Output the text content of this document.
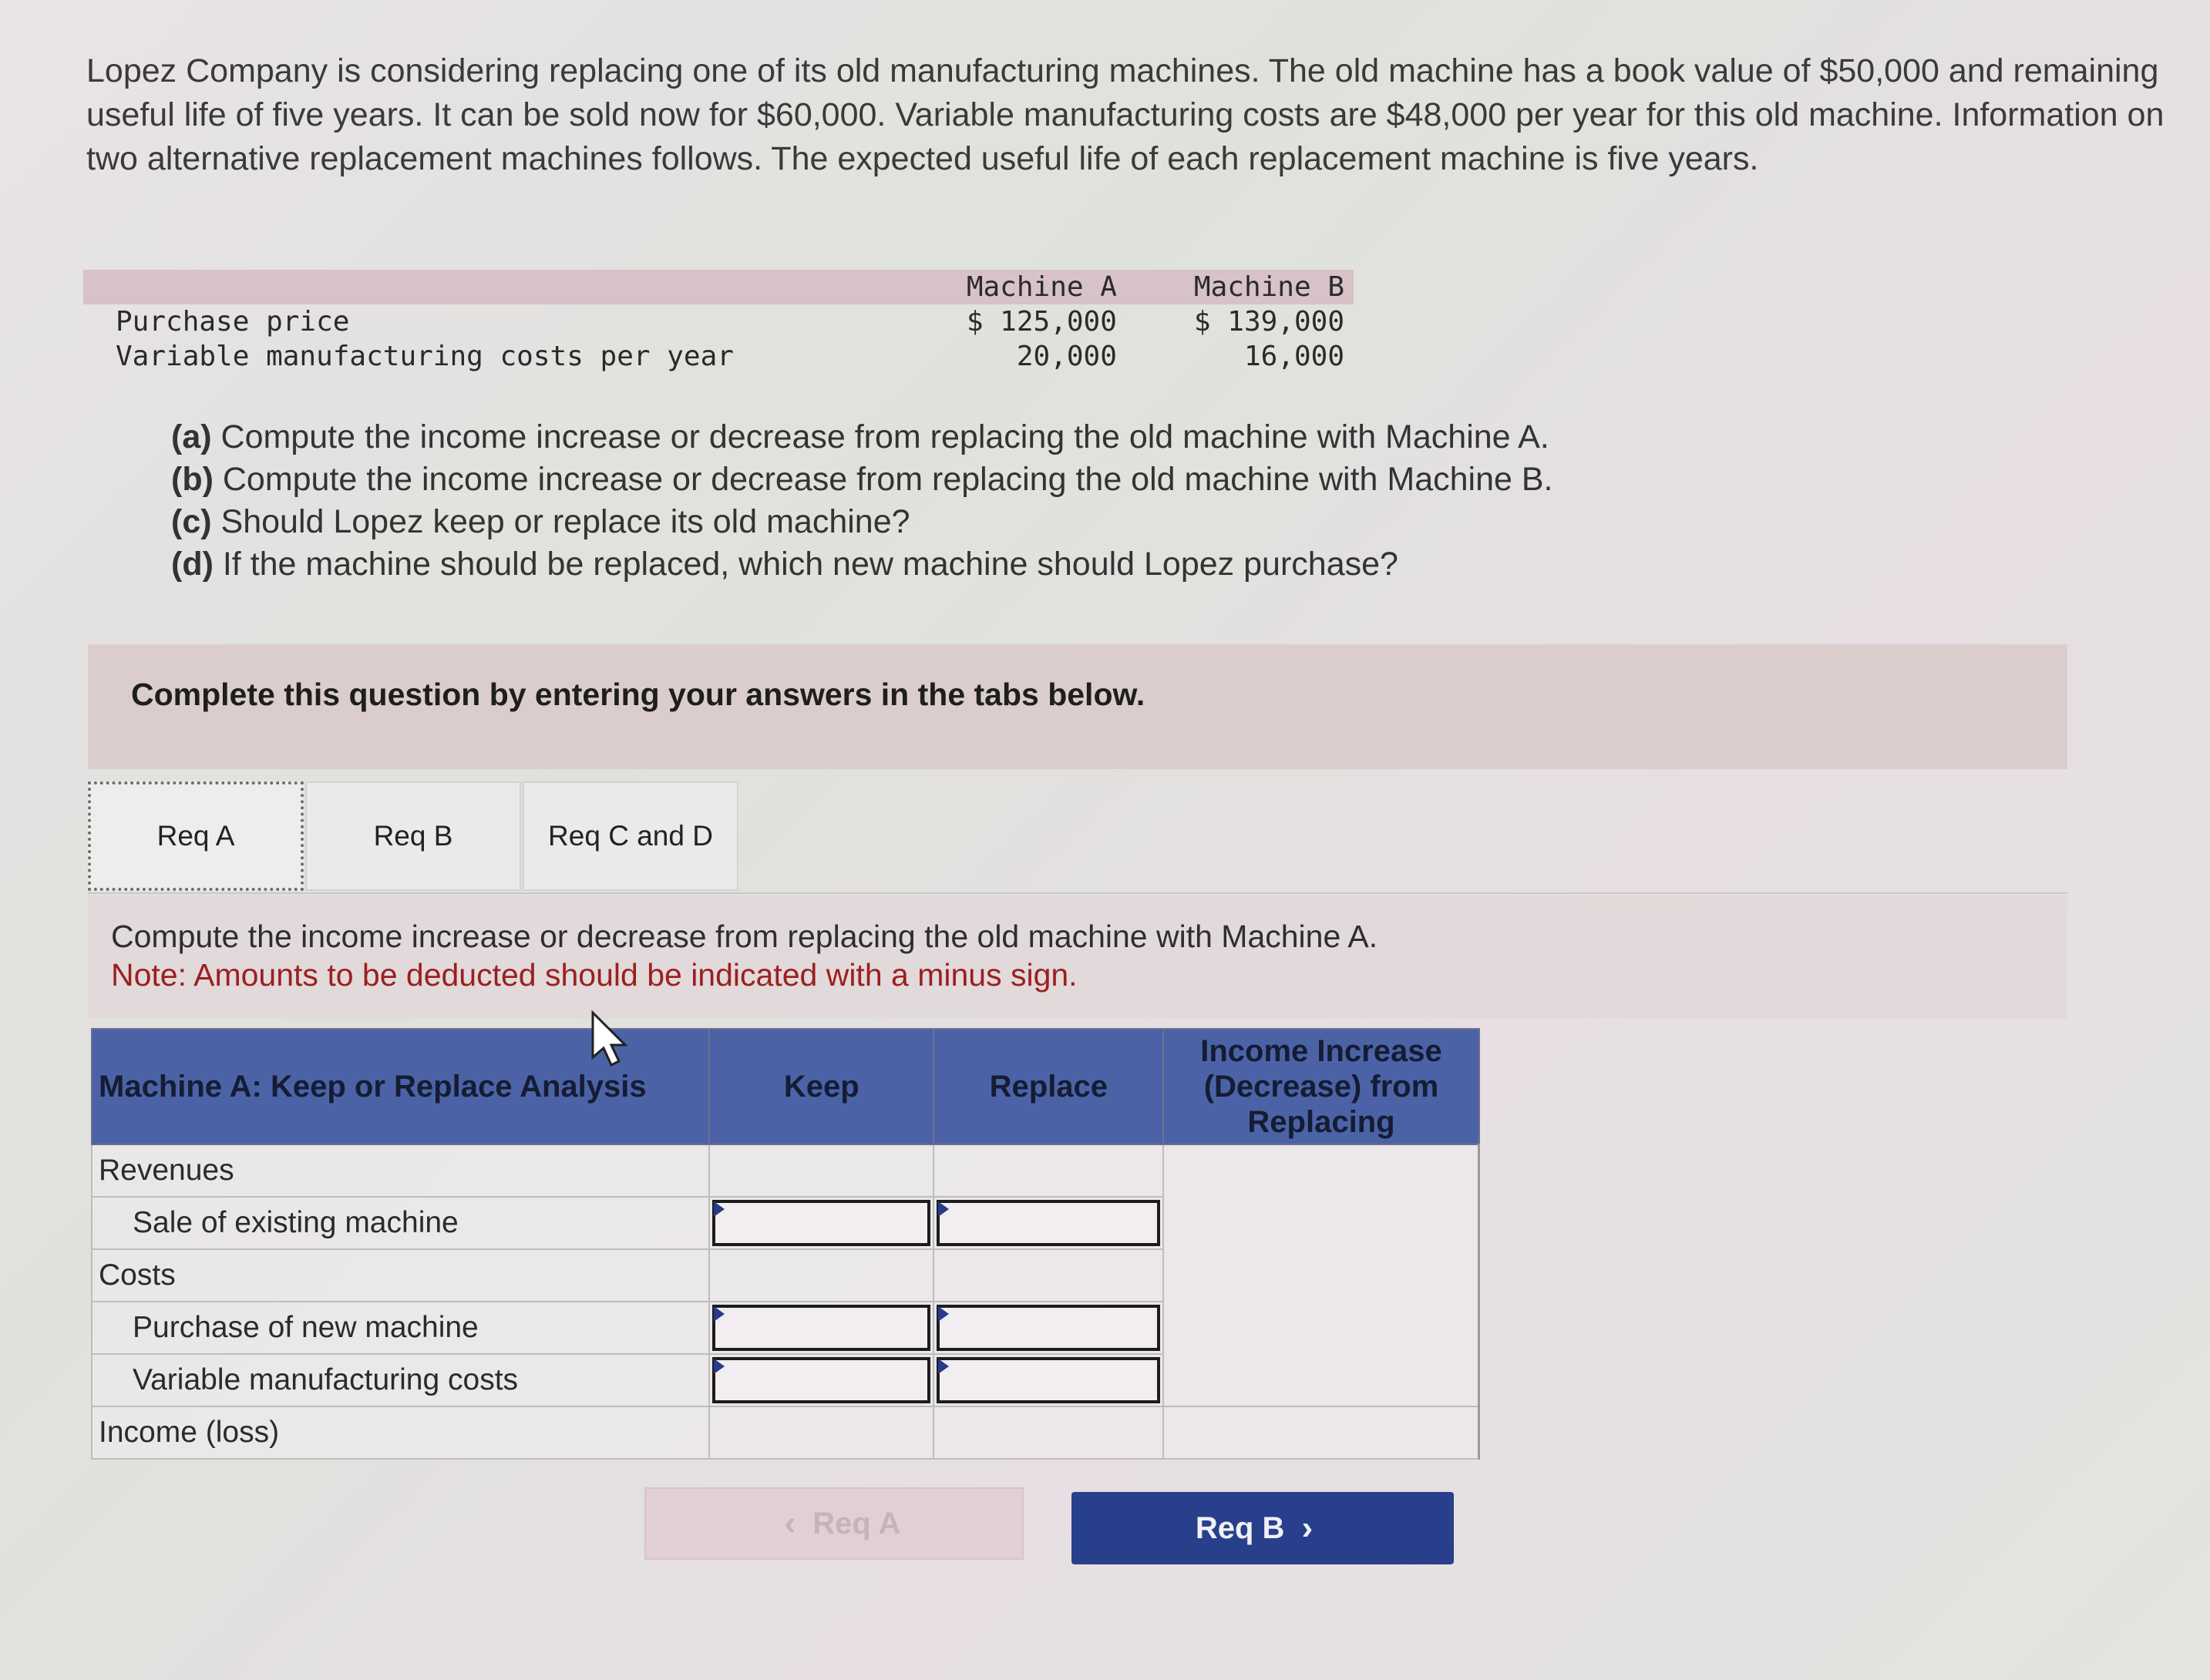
Lopez Company is considering replacing one of its old manufacturing machines. The old machine has a book value of $50,000 and remaining useful life of five years. It can be sold now for $60,000. Variable manufacturing costs are $48,000 per year for this old machine. Information on two alternative replacement machines follows. The expected useful life of each replacement machine is five years.

	Machine A	Machine B
Purchase price	$ 125,000	$ 139,000
Variable manufacturing costs per year	20,000	16,000
(a) Compute the income increase or decrease from replacing the old machine with Machine A.
(b) Compute the income increase or decrease from replacing the old machine with Machine B.
(c) Should Lopez keep or replace its old machine?
(d) If the machine should be replaced, which new machine should Lopez purchase?
Complete this question by entering your answers in the tabs below.
Req A	Req B	Req C and D
Compute the income increase or decrease from replacing the old machine with Machine A.
Note: Amounts to be deducted should be indicated with a minus sign.
Machine A: Keep or Replace Analysis	Keep	Replace	Income Increase (Decrease) from Replacing
Revenues			
Sale of existing machine		

Costs			
Purchase of new machine		

Variable manufacturing costs		

Income (loss)			
‹ Req A	Req B ›
